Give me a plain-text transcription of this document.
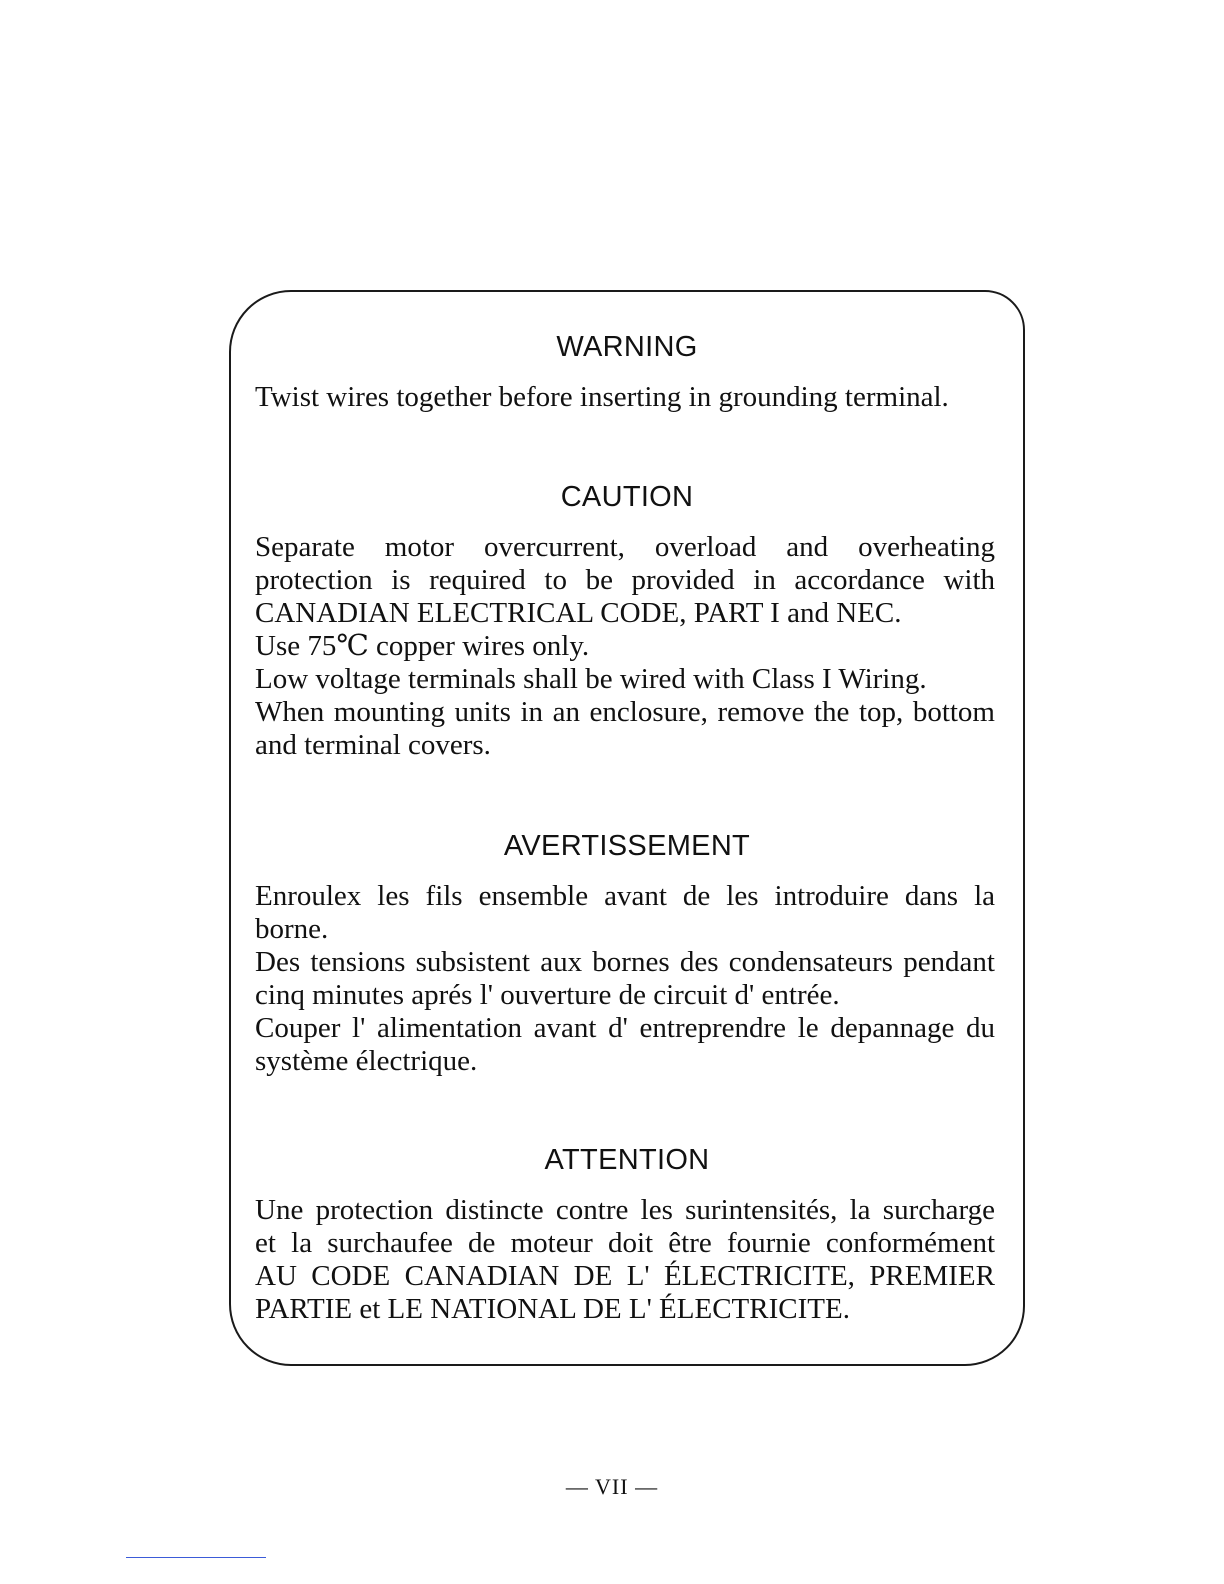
WARNING
Twist wires together before inserting in grounding terminal.
CAUTION
Separate motor overcurrent, overload and overheating
protection is required to be provided in accordance with
CANADIAN ELECTRICAL CODE, PART I and NEC.
Use 75℃ copper wires only.
Low voltage terminals shall be wired with Class I Wiring.
When mounting units in an enclosure, remove the top, bottom
and terminal covers.
AVERTISSEMENT
Enroulex les fils ensemble avant de les introduire dans la
borne.
Des tensions subsistent aux bornes des condensateurs pendant
cinq minutes aprés l' ouverture de circuit d' entrée.
Couper l' alimentation avant d' entreprendre le depannage du
système électrique.
ATTENTION
Une protection distincte contre les surintensités, la surcharge
et la surchaufee de moteur doit être fournie conformément
AU CODE CANADIAN DE L' ÉLECTRICITE, PREMIER
PARTIE et LE NATIONAL DE L' ÉLECTRICITE.
— VII —
